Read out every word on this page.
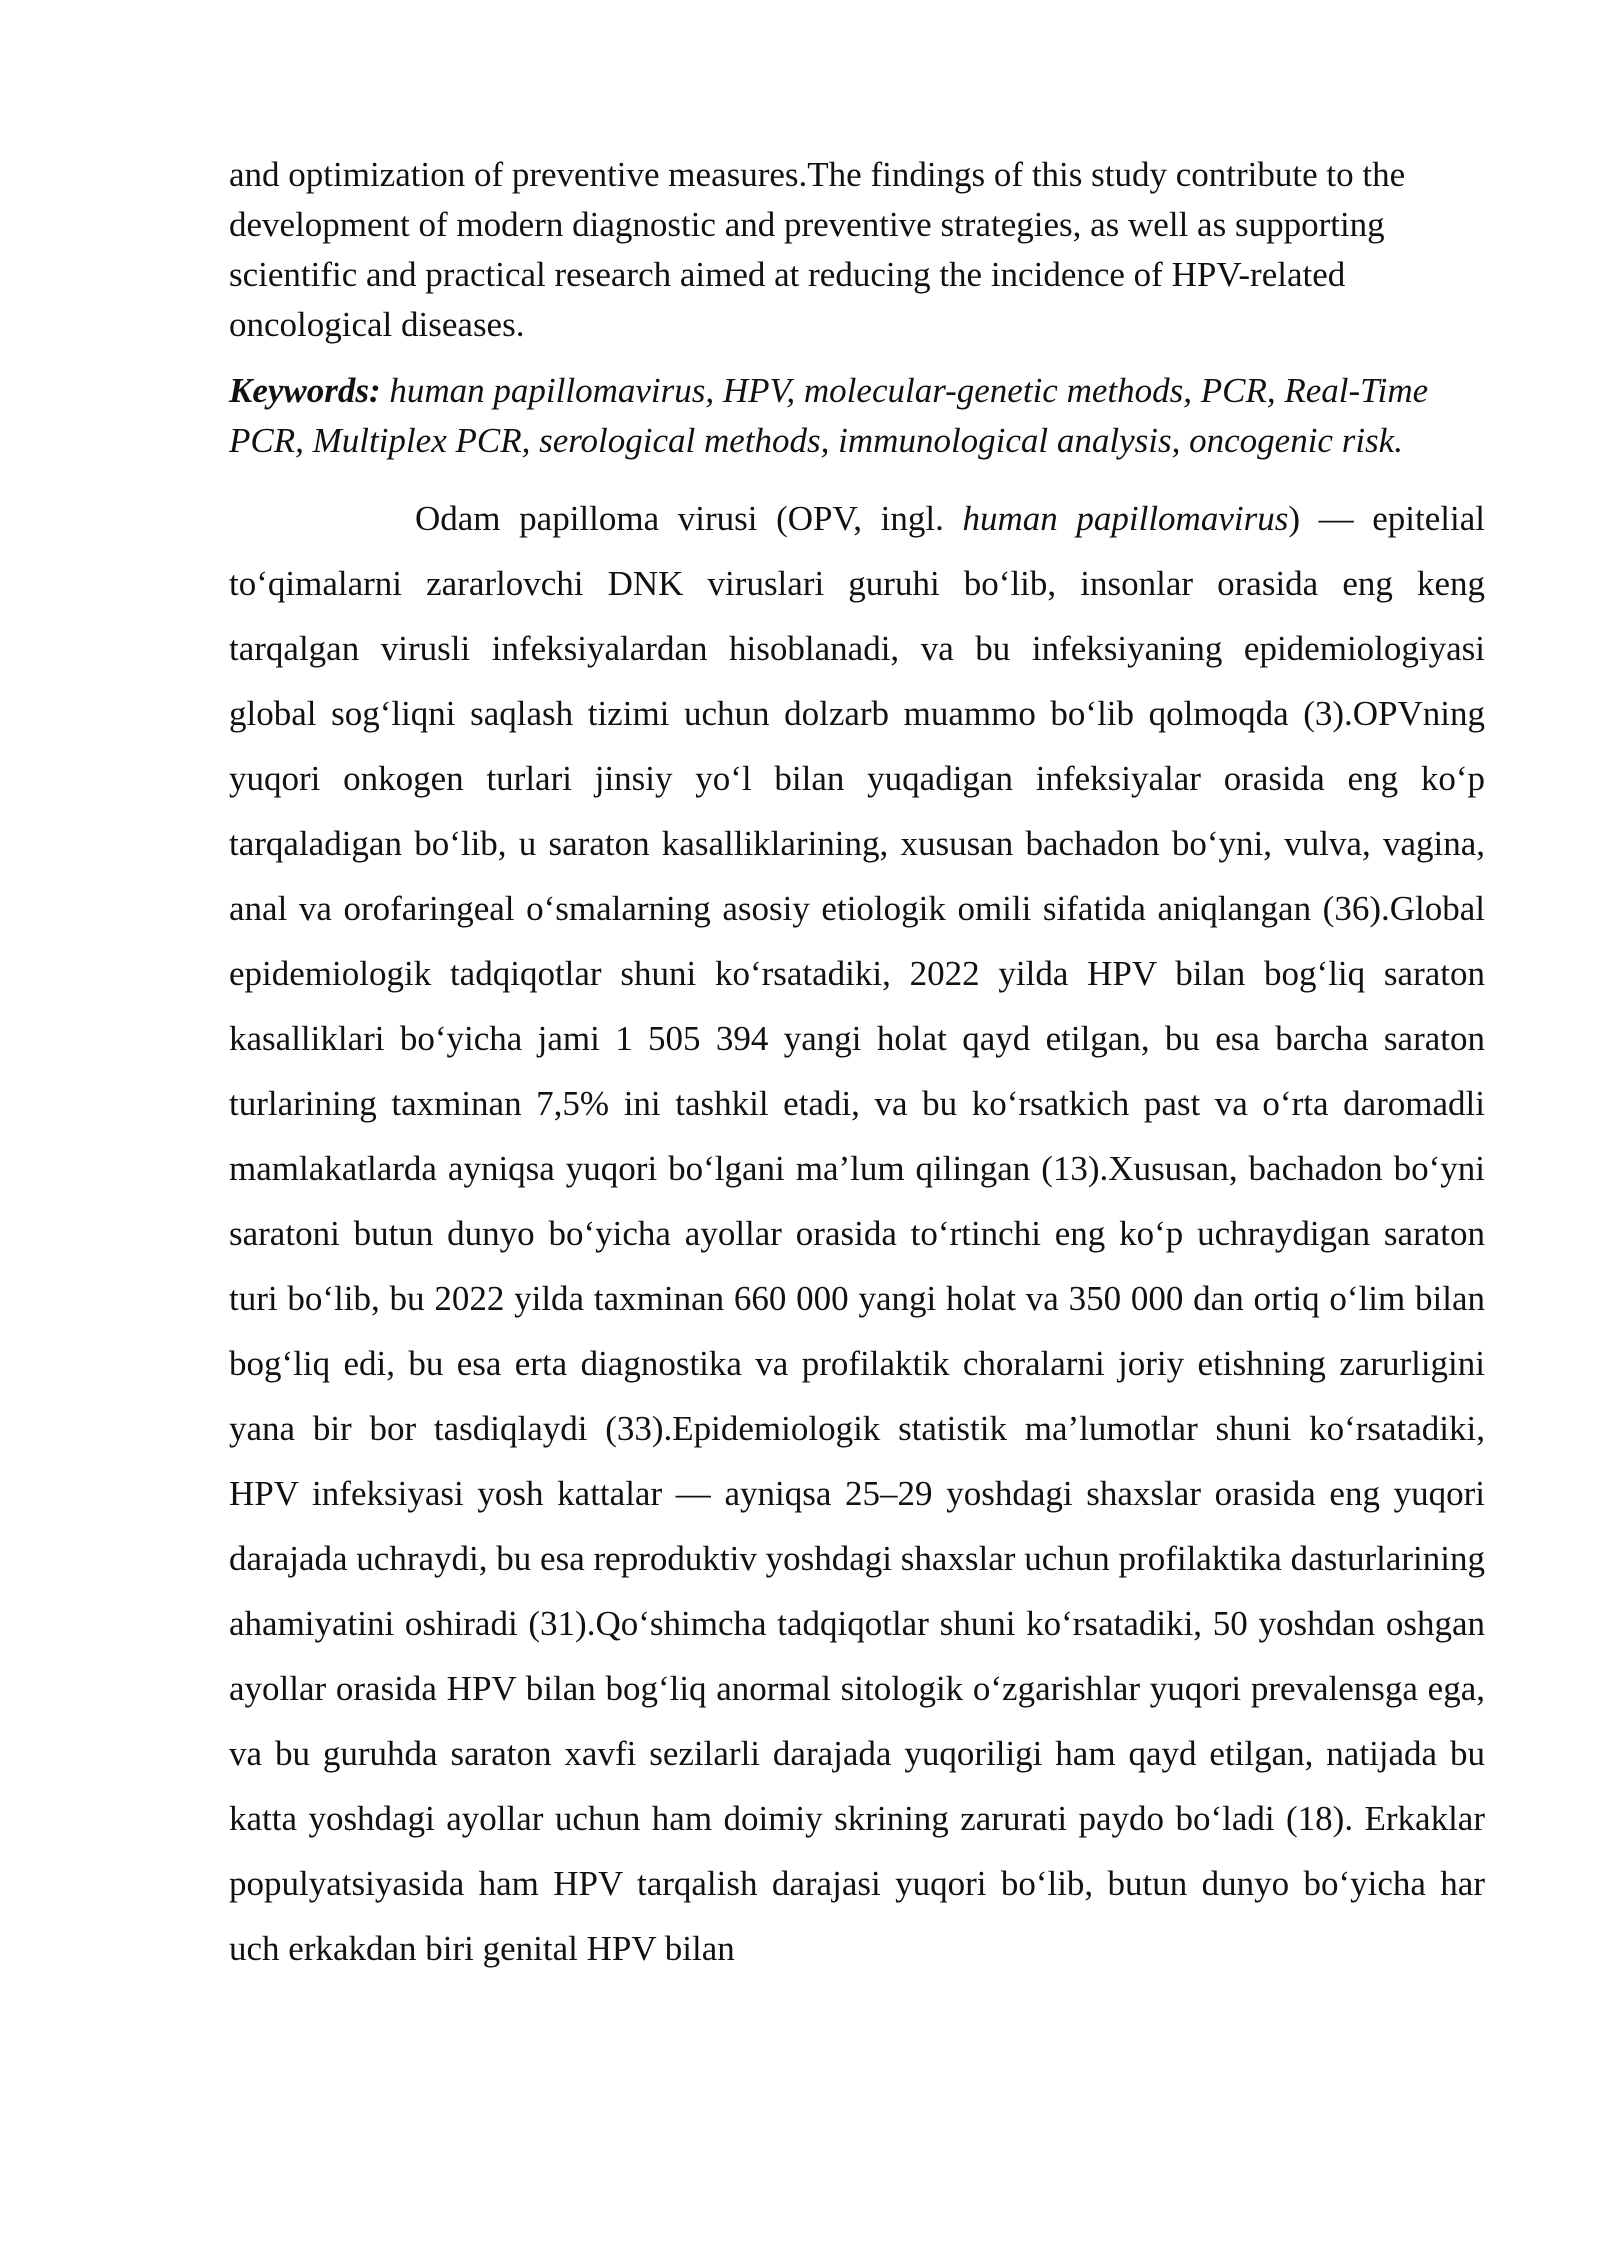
and optimization of preventive measures.The findings of this study contribute to the development of modern diagnostic and preventive strategies, as well as supporting scientific and practical research aimed at reducing the incidence of HPV-related oncological diseases.

Keywords: human papillomavirus, HPV, molecular-genetic methods, PCR, Real-Time PCR, Multiplex PCR, serological methods, immunological analysis, oncogenic risk.

Odam papilloma virusi (OPV, ingl. human papillomavirus) — epitelial to‘qimalarni zararlovchi DNK viruslari guruhi bo‘lib, insonlar orasida eng keng tarqalgan virusli infeksiyalardan hisoblanadi, va bu infeksiyaning epidemiologiyasi global sog‘liqni saqlash tizimi uchun dolzarb muammo bo‘lib qolmoqda (3).OPVning yuqori onkogen turlari jinsiy yo‘l bilan yuqadigan infeksiyalar orasida eng ko‘p tarqaladigan bo‘lib, u saraton kasalliklarining, xususan bachadon bo‘yni, vulva, vagina, anal va orofaringeal o‘smalarning asosiy etiologik omili sifatida aniqlangan (36).Global epidemiologik tadqiqotlar shuni ko‘rsatadiki, 2022 yilda HPV bilan bog‘liq saraton kasalliklari bo‘yicha jami 1 505 394 yangi holat qayd etilgan, bu esa barcha saraton turlarining taxminan 7,5% ini tashkil etadi, va bu ko‘rsatkich past va o‘rta daromadli mamlakatlarda ayniqsa yuqori bo‘lgani ma’lum qilingan (13).Xususan, bachadon bo‘yni saratoni butun dunyo bo‘yicha ayollar orasida to‘rtinchi eng ko‘p uchraydigan saraton turi bo‘lib, bu 2022 yilda taxminan 660 000 yangi holat va 350 000 dan ortiq o‘lim bilan bog‘liq edi, bu esa erta diagnostika va profilaktik choralarni joriy etishning zarurligini yana bir bor tasdiqlaydi (33).Epidemiologik statistik ma’lumotlar shuni ko‘rsatadiki, HPV infeksiyasi yosh kattalar — ayniqsa 25–29 yoshdagi shaxslar orasida eng yuqori darajada uchraydi, bu esa reproduktiv yoshdagi shaxslar uchun profilaktika dasturlarining ahamiyatini oshiradi (31).Qo‘shimcha tadqiqotlar shuni ko‘rsatadiki, 50 yoshdan oshgan ayollar orasida HPV bilan bog‘liq anormal sitologik o‘zgarishlar yuqori prevalensga ega, va bu guruhda saraton xavfi sezilarli darajada yuqoriligi ham qayd etilgan, natijada bu katta yoshdagi ayollar uchun ham doimiy skrining zarurati paydo bo‘ladi (18). Erkaklar populyatsiyasida ham HPV tarqalish darajasi yuqori bo‘lib, butun dunyo bo‘yicha har uch erkakdan biri genital HPV bilan
